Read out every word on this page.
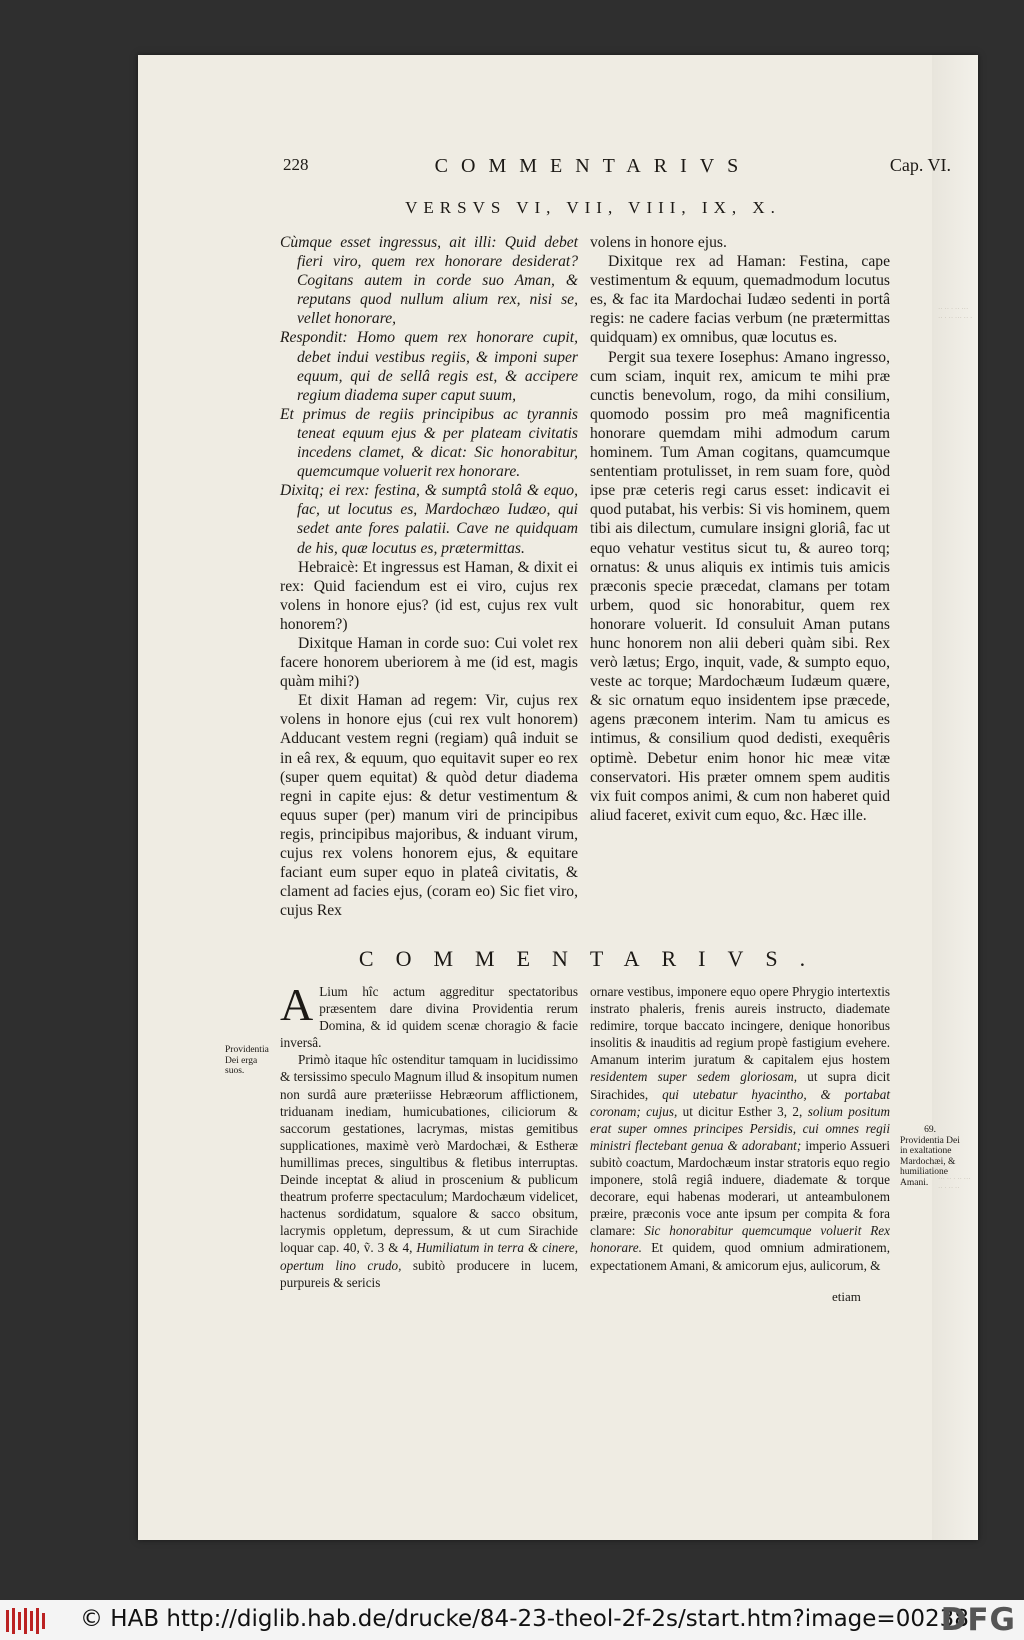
·· ·· · ·· ··· ·· · ·· ··· ·· ·
··· ·· · ·· ··· ·· · ·· ··
228	COMMENTARIVS	Cap. VI.
VERSVS VI, VII, VIII, IX, X.

Cùmque esset ingressus, ait illi: Quid debet fieri viro, quem rex honorare desiderat? Cogitans autem in corde suo Aman, & reputans quod nullum alium rex, nisi se, vellet honorare,

Respondit: Homo quem rex honorare cupit, debet indui vestibus regiis, & imponi super equum, qui de sellâ regis est, & accipere regium diadema super caput suum,

Et primus de regiis principibus ac tyrannis teneat equum ejus & per plateam civitatis incedens clamet, & dicat: Sic honorabitur, quemcumque voluerit rex honorare.

Dixitq; ei rex: festina, & sumptâ stolâ & equo, fac, ut locutus es, Mardochæo Iudæo, qui sedet ante fores palatii. Cave ne quidquam de his, quæ locutus es, prætermittas.

Hebraicè: Et ingressus est Haman, & dixit ei rex: Quid faciendum est ei viro, cujus rex volens in honore ejus? (id est, cujus rex vult honorem?)

Dixitque Haman in corde suo: Cui volet rex facere honorem uberiorem à me (id est, magis quàm mihi?)

Et dixit Haman ad regem: Vir, cujus rex volens in honore ejus (cui rex vult honorem) Adducant vestem regni (regiam) quâ induit se in eâ rex, & equum, quo equitavit super eo rex (super quem equitat) & quòd detur diadema regni in capite ejus: & detur vestimentum & equus super (per) manum viri de principibus regis, principibus majoribus, & induant virum, cujus rex volens honorem ejus, & equitare faciant eum super equo in plateâ civitatis, & clament ad facies ejus, (coram eo) Sic fiet viro, cujus Rex

volens in honore ejus.

Dixitque rex ad Haman: Festina, cape vestimentum & equum, quemadmodum locutus es, & fac ita Mardochai Iudæo sedenti in portâ regis: ne cadere facias verbum (ne prætermittas quidquam) ex omnibus, quæ locutus es.

Pergit sua texere Iosephus: Amano ingresso, cum sciam, inquit rex, amicum te mihi præ cunctis benevolum, rogo, da mihi consilium, quomodo possim pro meâ magnificentia honorare quemdam mihi admodum carum hominem. Tum Aman cogitans, quamcumque sententiam protulisset, in rem suam fore, quòd ipse præ ceteris regi carus esset: indicavit ei quod putabat, his verbis: Si vis hominem, quem tibi ais dilectum, cumulare insigni gloriâ, fac ut equo vehatur vestitus sicut tu, & aureo torq; ornatus: & unus aliquis ex intimis tuis amicis præconis specie præcedat, clamans per totam urbem, quod sic honorabitur, quem rex honorare voluerit. Id consuluit Aman putans hunc honorem non alii deberi quàm sibi. Rex verò lætus; Ergo, inquit, vade, & sumpto equo, veste ac torque; Mardochæum Iudæum quære, & sic ornatum equo insidentem ipse præcede, agens præconem interim. Nam tu amicus es intimus, & consilium quod dedisti, exequêris optimè. Debetur enim honor hic meæ vitæ conservatori. His præter omnem spem auditis vix fuit compos animi, & cum non haberet quid aliud faceret, exivit cum equo, &c. Hæc ille.

COMMENTARIVS.

A Lium hîc actum aggreditur spectatoribus præsentem dare divina Providentia rerum Domina, & id quidem scenæ choragio & facie inversâ.

Primò itaque hîc ostenditur tamquam in lucidissimo & tersissimo speculo Magnum illud & insopitum numen non surdâ aure præteriisse Hebræorum afflictionem, triduanam inediam, humicubationes, ciliciorum & saccorum gestationes, lacrymas, mistas gemitibus supplicationes, maximè verò Mardochæi, & Estheræ humillimas preces, singultibus & fletibus interruptas. Deinde inceptat & aliud in proscenium & publicum theatrum proferre spectaculum; Mardochæum videlicet, hactenus sordidatum, squalore & sacco obsitum, lacrymis oppletum, depressum, & ut cum Sirachide loquar cap. 40, ṽ. 3 & 4, Humiliatum in terra & cinere, opertum lino crudo, subitò producere in lucem, purpureis & sericis

ornare vestibus, imponere equo opere Phrygio intertextis instrato phaleris, frenis aureis instructo, diademate redimire, torque baccato incingere, denique honoribus insolitis & inauditis ad regium propè fastigium evehere. Amanum interim juratum & capitalem ejus hostem residentem super sedem gloriosam, ut supra dicit Sirachides, qui utebatur hyacintho, & portabat coronam; cujus, ut dicitur Esther 3, 2, solium positum erat super omnes principes Persidis, cui omnes regii ministri flectebant genua & adorabant; imperio Assueri subitò coactum, Mardochæum instar stratoris equo regio imponere, stolâ regiâ induere, diademate & torque decorare, equi habenas moderari, ut anteambulonem præire, præconis voce ante ipsum per compita & fora clamare: Sic honorabitur quemcumque voluerit Rex honorare. Et quidem, quod omnium admirationem, expectationem Amani, & amicorum ejus, aulicorum, &

etiam
Providentia Dei erga suos.
69.
Providentia Dei in exaltatione Mardochæi, & humiliatione Amani.
© HAB http://diglib.hab.de/drucke/84-23-theol-2f-2s/start.htm?image=00238
DFG
